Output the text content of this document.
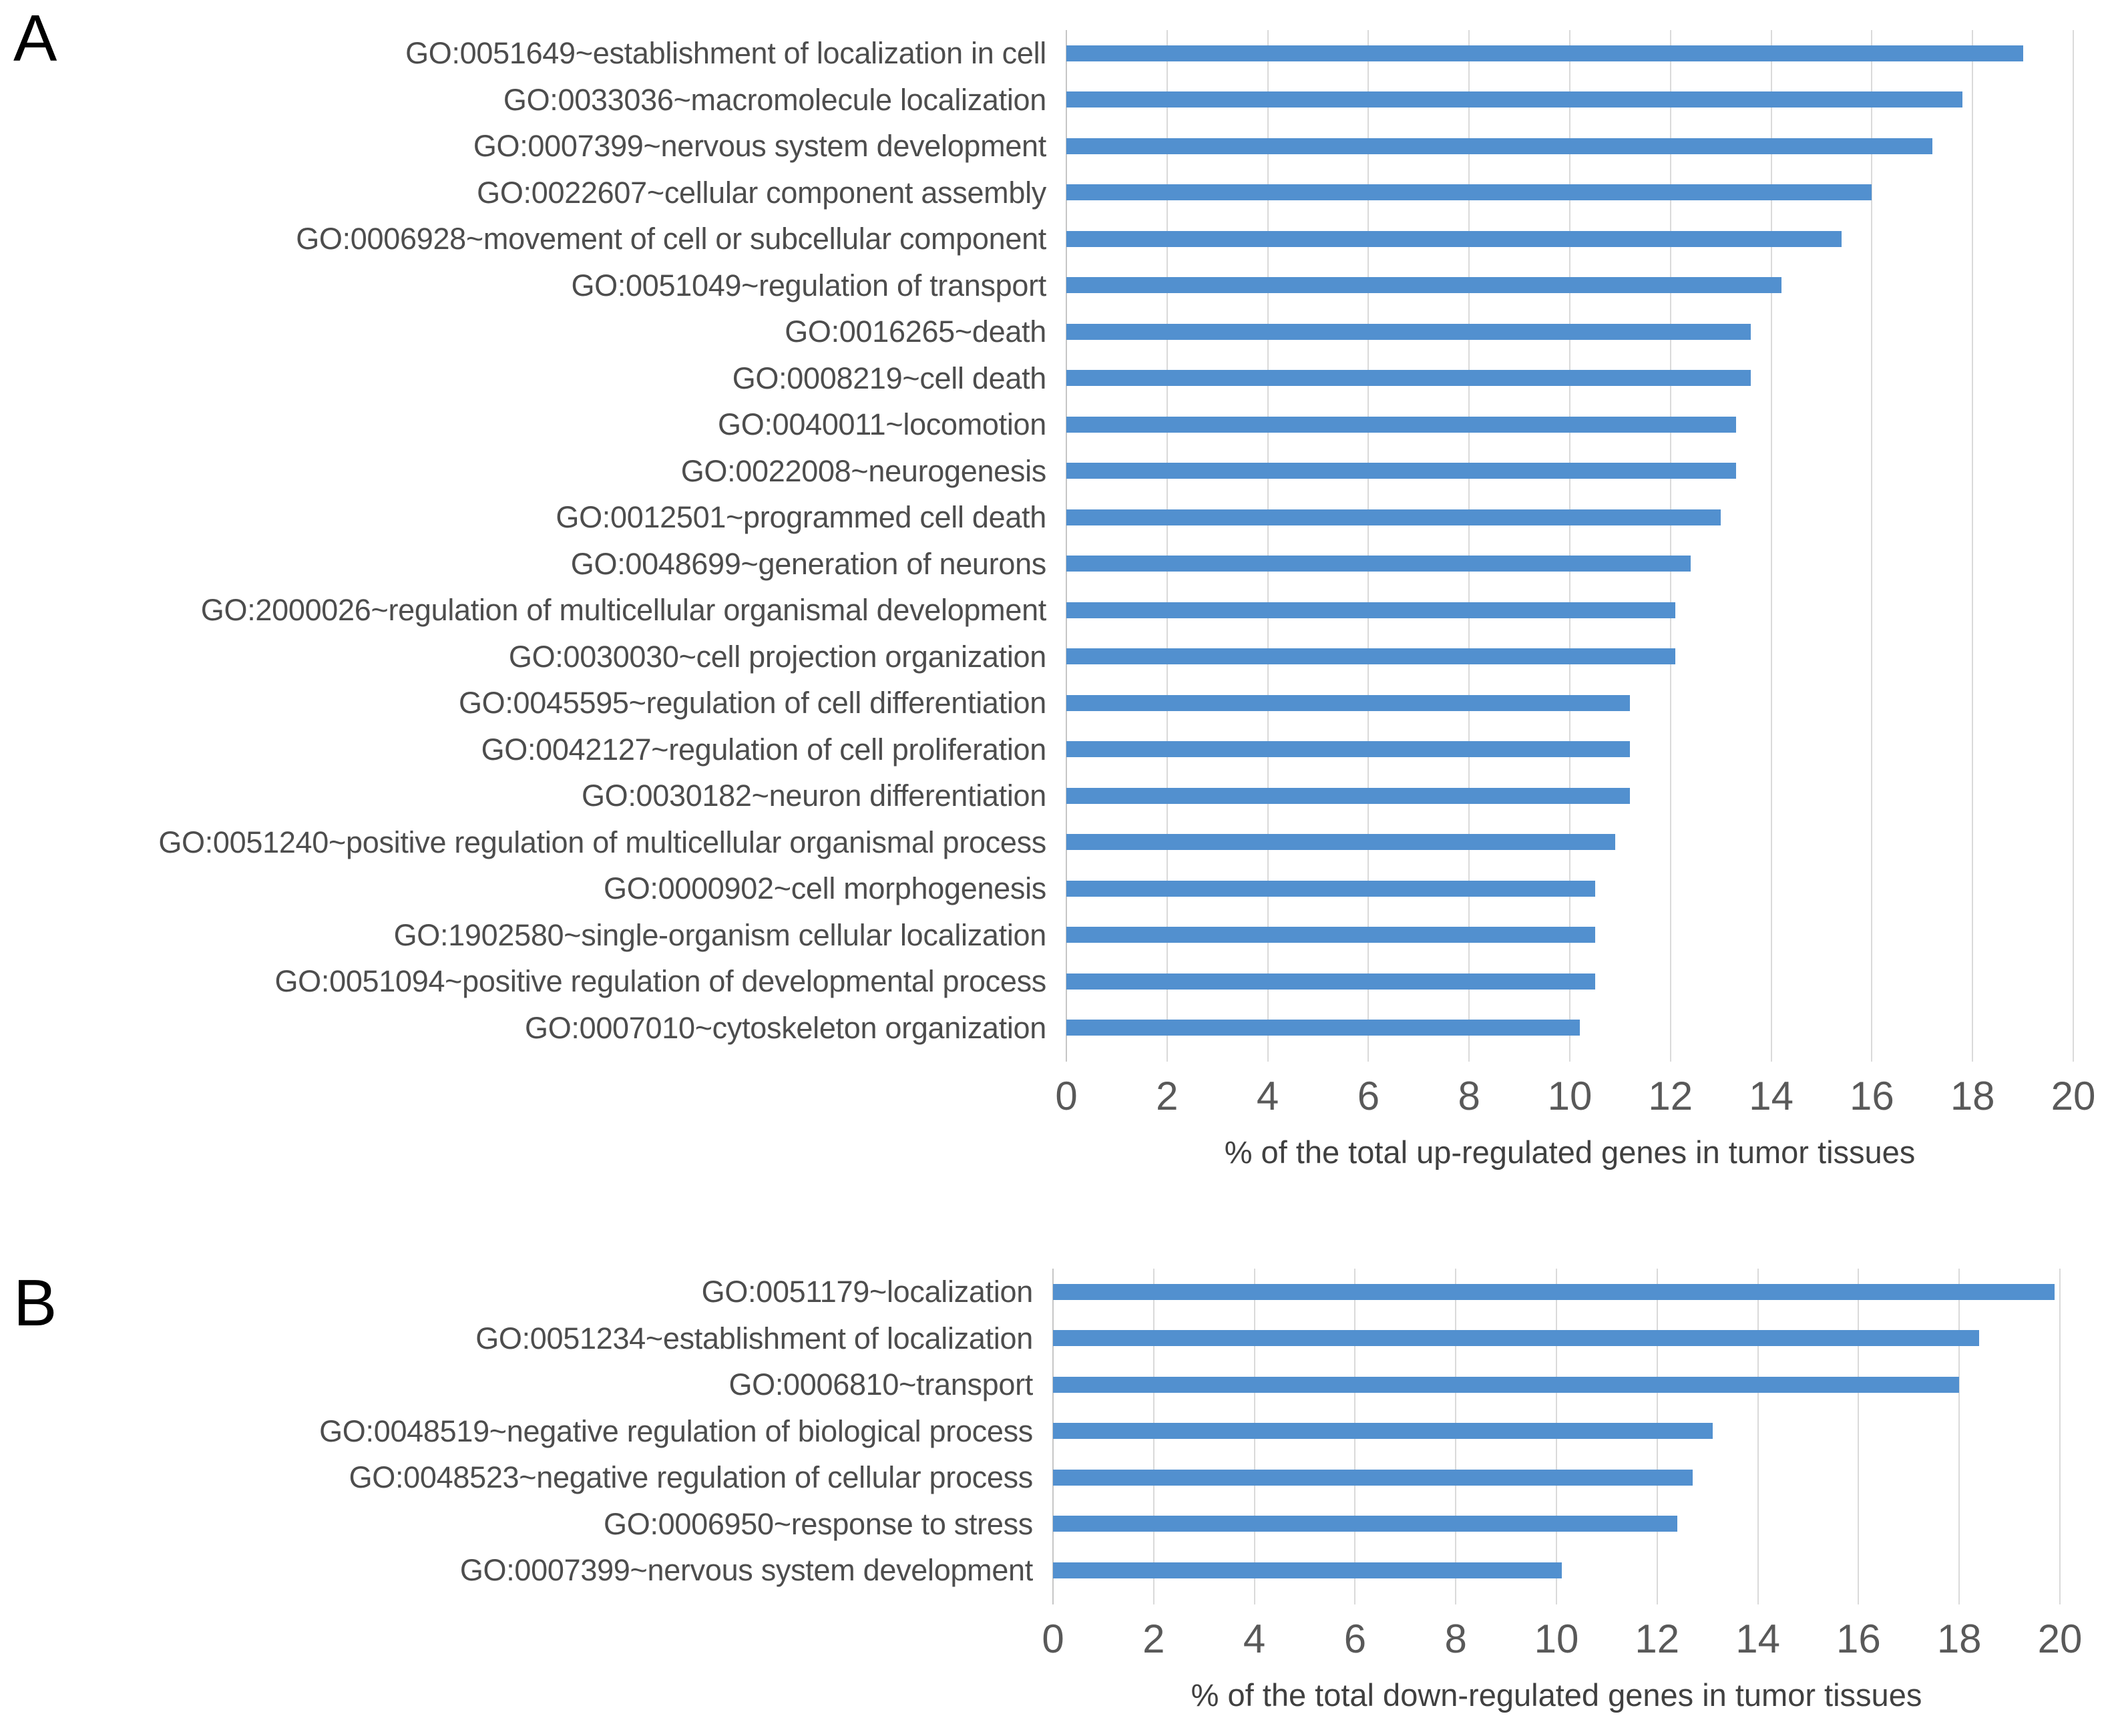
A	GO:0051649~establishment of localization in cell
GO:0033036~macromolecule localization
GO:0007399~nervous system development
GO:0022607~cellular component assembly
GO:0006928~movement of cell or subcellular component
GO:0051049~regulation of transport
GO:0016265~death
GO:0008219~cell death
GO:0040011~locomotion
GO:0022008~neurogenesis
GO:0012501~programmed cell death
GO:0048699~generation of neurons
GO:2000026~regulation of multicellular organismal development
GO:0030030~cell projection organization
GO:0045595~regulation of cell differentiation
GO:0042127~regulation of cell proliferation
GO:0030182~neuron differentiation
GO:0051240~positive regulation of multicellular organismal process
GO:0000902~cell morphogenesis
GO:1902580~single-organism cellular localization
GO:0051094~positive regulation of developmental process
GO:0007010~cytoskeleton organization
0 2 4 6 8 10 12 14 16 18 20
% of the total up-regulated genes in tumor tissues
B	GO:0051179~localization
GO:0051234~establishment of localization
GO:0006810~transport
GO:0048519~negative regulation of biological process
GO:0048523~negative regulation of cellular process
GO:0006950~response to stress
GO:0007399~nervous system development
0 2 4 6 8 10 12 14 16 18 20
% of the total down-regulated genes in tumor tissues
